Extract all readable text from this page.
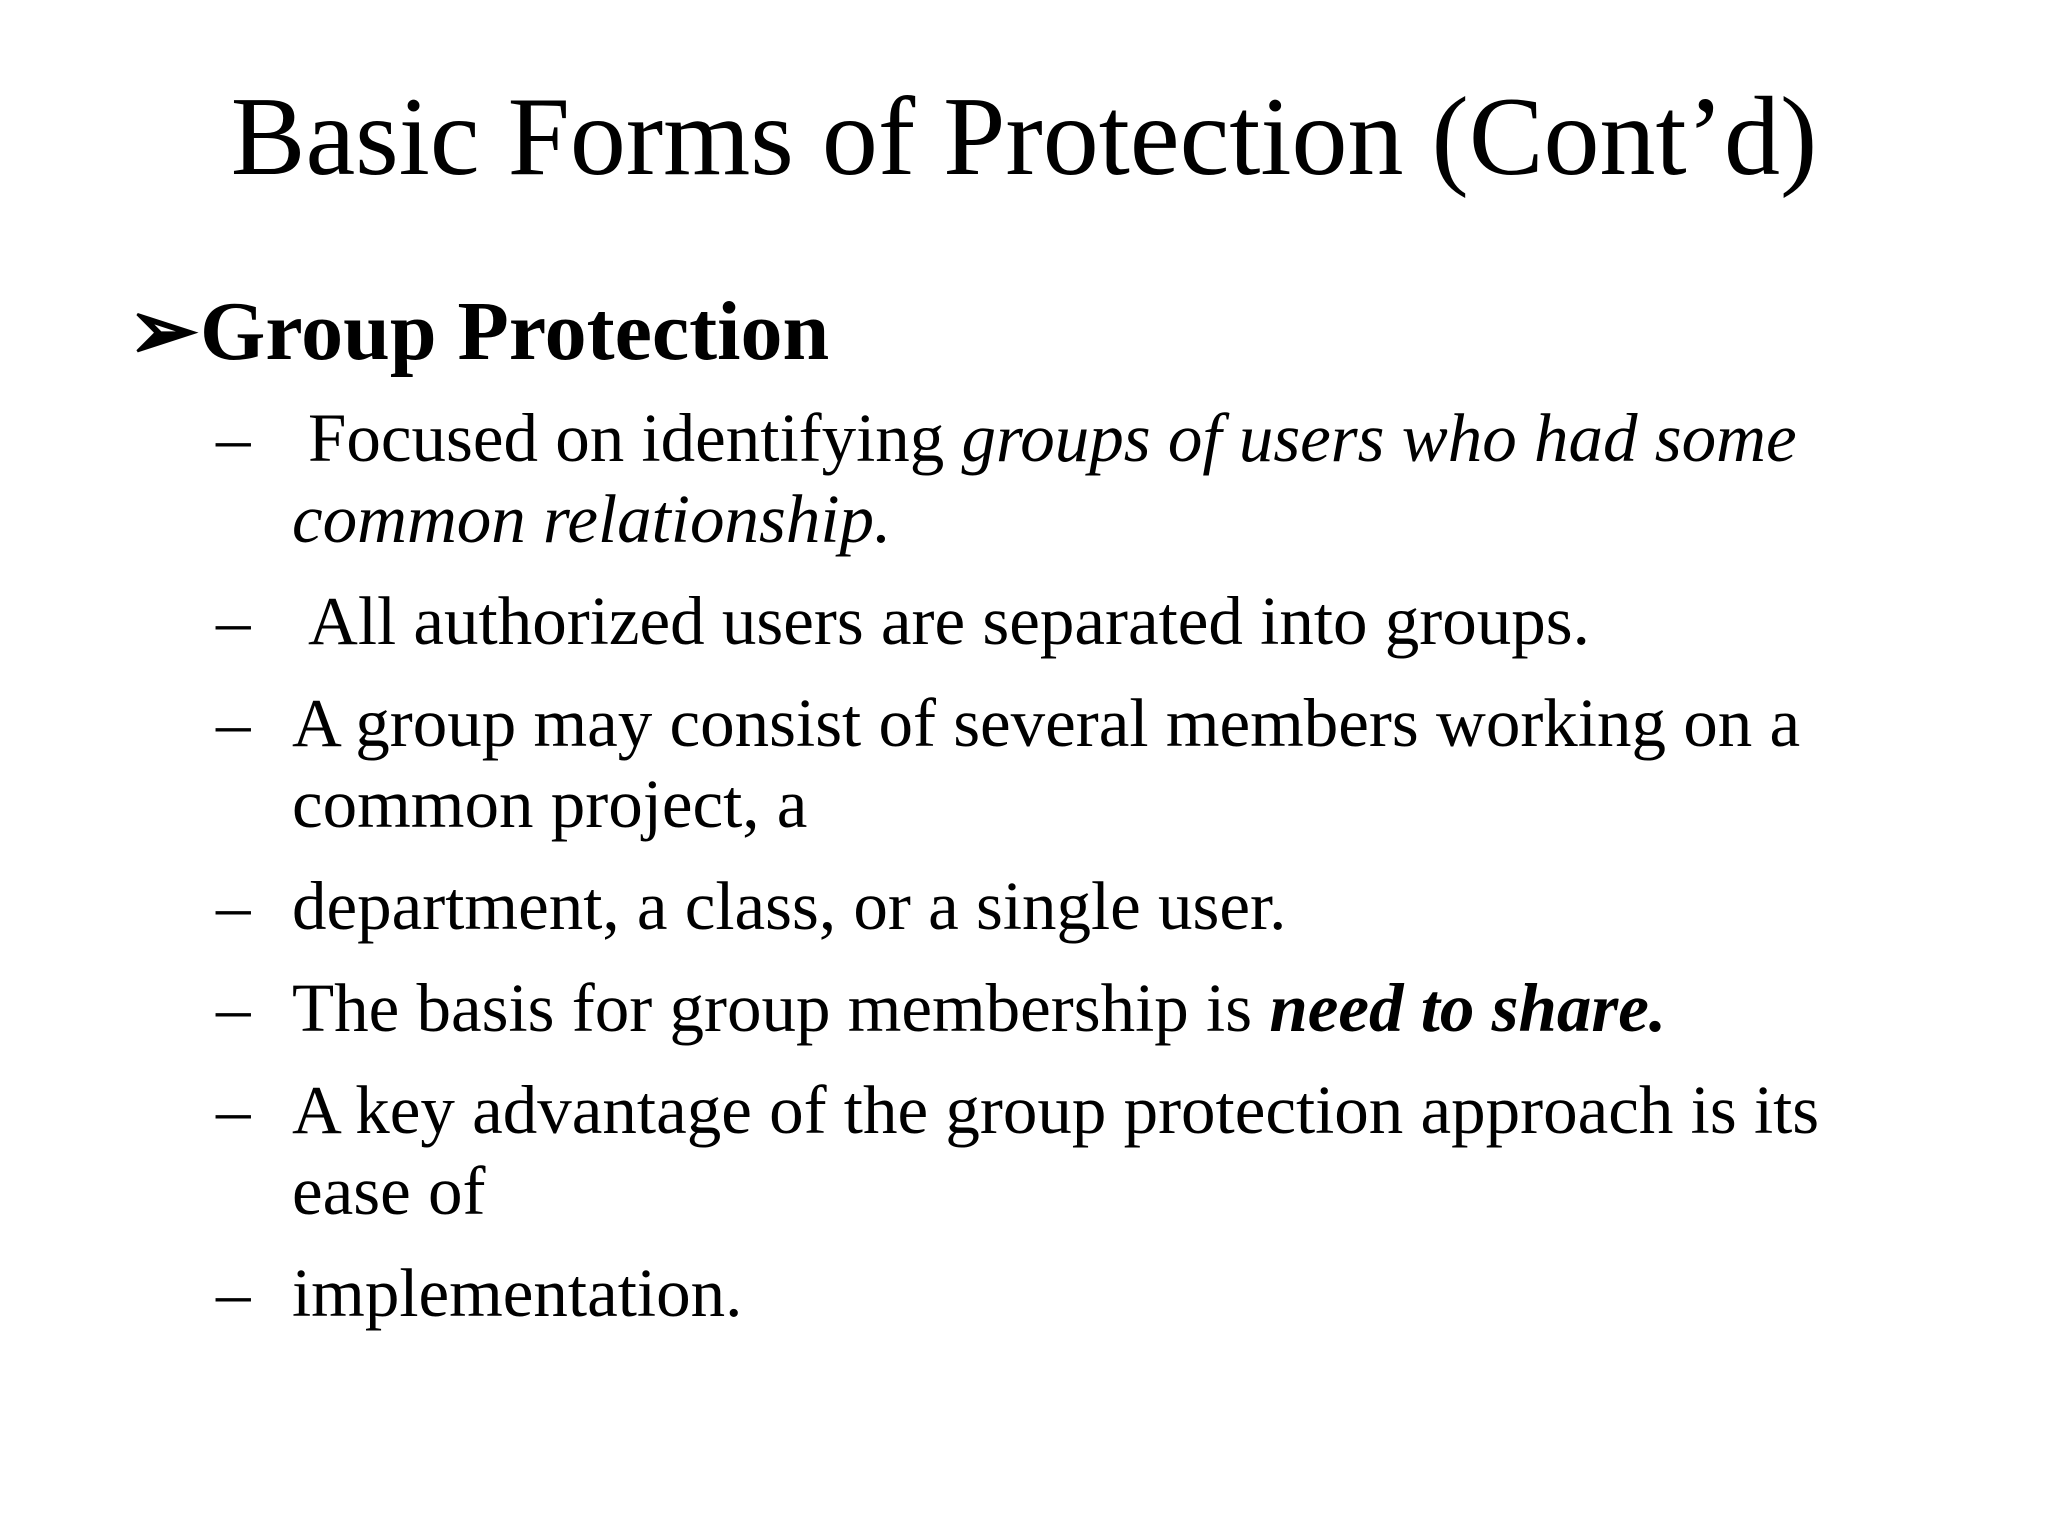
Basic Forms of Protection (Cont’d)
➢Group Protection
– Focused on identifying groups of users who had some common relationship.
– All authorized users are separated into groups.
– A group may consist of several members working on a common project, a
– department, a class, or a single user.
– The basis for group membership is need to share.
– A key advantage of the group protection approach is its ease of
– implementation.
